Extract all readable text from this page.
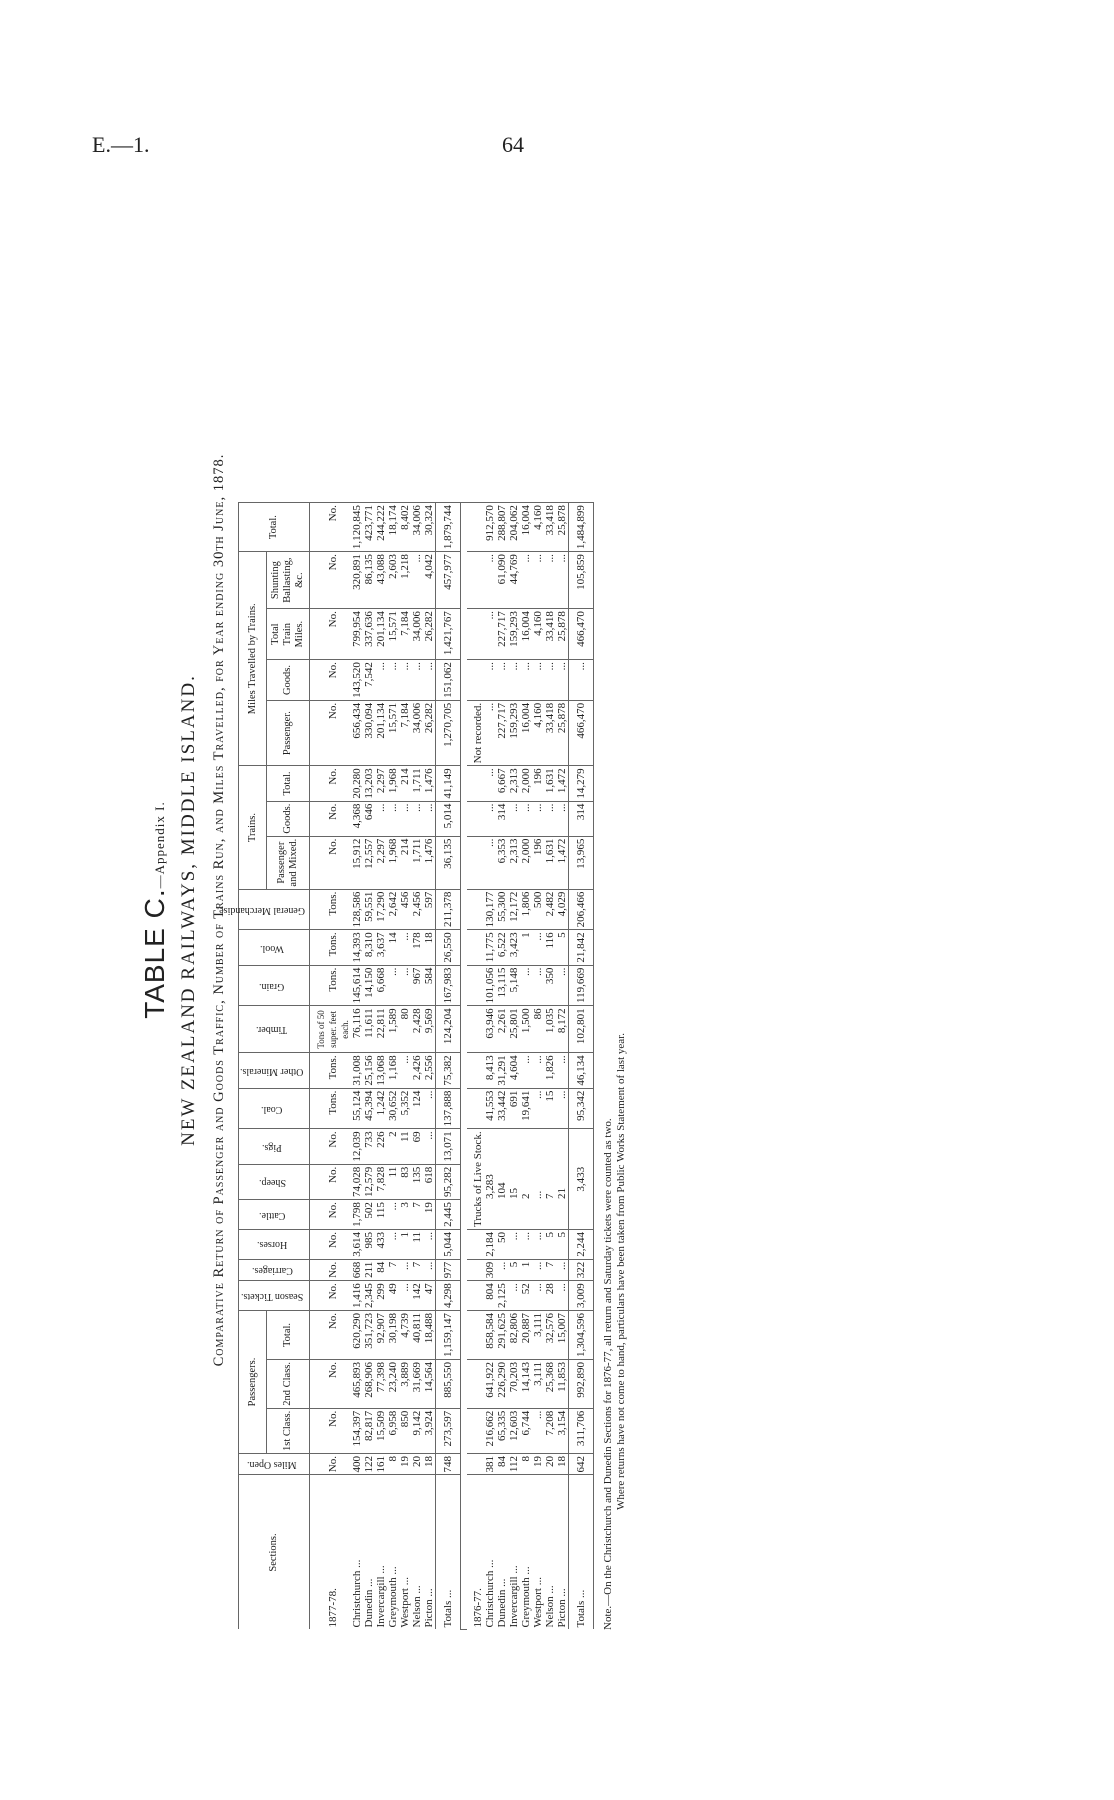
E.—1.	64
TABLE C.—Appendix I. NEW ZEALAND RAILWAYS, MIDDLE ISLAND. Comparative Return of Passenger and Goods Traffic, Number of Trains Run, and Miles Travelled, for Year ending 30th June, 1878.
Sections.	Miles Open.	Passengers.			Season Tickets.	Carriages.	Horses.	Cattle.	Sheep.	Pigs.	Coal.	Other Minerals.	Timber.	Grain.	Wool.	General Merchandise.	Trains.			Miles Travelled by Trains.				Total.
		1st Class.	2nd Class.	Total.													Passenger and Mixed.	Goods.	Total.	Passenger.	Goods.	Total Train Miles.	Shunting Ballasting, &c.	
1877-78.	No.	No.	No.	No.	No.	No.	No.	No.	No.	No.	Tons.	Tons.	Tons of 50 super. feet each.	Tons.	Tons.	Tons.	No.	No.	No.	No.	No.	No.	No.	No.
Christchurch ...	400	154,397	465,893	620,290	1,416	668	3,614	1,798	74,028	12,039	55,124	31,008	76,116	145,614	14,393	128,586	15,912	4,368	20,280	656,434	143,520	799,954	320,891	1,120,845
Dunedin ...	122	82,817	268,906	351,723	2,345	211	985	502	12,579	733	45,394	25,156	11,611	14,150	8,310	59,551	12,557	646	13,203	330,094	7,542	337,636	86,135	423,771
Invercargill ...	161	15,509	77,398	92,907	299	84	433	115	7,828	226	1,242	13,068	22,811	6,668	3,637	17,290	2,297	...	2,297	201,134	...	201,134	43,088	244,222
Greymouth ...	8	6,958	23,240	30,198	49	7	...	...	11	2	30,652	1,168	1,589	...	14	2,642	1,968	...	1,968	15,571	...	15,571	2,603	18,174
Westport ...	19	850	3,889	4,739	...	...	1	3	83	11	5,352	...	80	...	...	456	214	...	214	7,184	...	7,184	1,218	8,402
Nelson ...	20	9,142	31,669	40,811	142	7	11	7	135	69	124	2,426	2,428	967	178	2,456	1,711	...	1,711	34,006	...	34,006	...	34,006
Picton ...	18	3,924	14,564	18,488	47	...	...	19	618	...	...	2,556	9,569	584	18	597	1,476	...	1,476	26,282	...	26,282	4,042	30,324
Totals ...	748	273,597	885,550	1,159,147	4,298	977	5,044	2,445	95,282	13,071	137,888	75,382	124,204	167,983	26,550	211,378	36,135	5,014	41,149	1,270,705	151,062	1,421,767	457,977	1,879,744

1876-77.								Trucks of Live Stock.												Not recorded.				
Christchurch ...	381	216,662	641,922	858,584	804	309	2,184	3,283			41,553	8,413	63,946	101,056	11,775	130,177	...	...	...	...	...	...	...	912,570
Dunedin ...	84	65,335	226,290	291,625	2,125	...	50	104			33,442	31,291	2,261	13,115	6,522	55,300	6,353	314	6,667	227,717	...	227,717	61,090	288,807
Invercargill ...	112	12,603	70,203	82,806	...	5	...	15			691	4,604	25,801	5,148	3,423	12,172	2,313	...	2,313	159,293	...	159,293	44,769	204,062
Greymouth ...	8	6,744	14,143	20,887	52	1	...	2			19,641	...	1,500	...	1	1,806	2,000	...	2,000	16,004	...	16,004	...	16,004
Westport ...	19	...	3,111	3,111	...	...	...	...			...	...	86	...	...	500	196	...	196	4,160	...	4,160	...	4,160
Nelson ...	20	7,208	25,368	32,576	28	7	5	7			15	1,826	1,035	350	116	2,482	1,631	...	1,631	33,418	...	33,418	...	33,418
Picton ...	18	3,154	11,853	15,007	...	...	5	21			...	...	8,172	...	5	4,029	1,472	...	1,472	25,878	...	25,878	...	25,878
Totals ...	642	311,706	992,890	1,304,596	3,009	322	2,244	3,433			95,342	46,134	102,801	119,669	21,842	206,466	13,965	314	14,279	466,470	...	466,470	105,859	1,484,899
Note.—On the Christchurch and Dunedin Sections for 1876-77, all return and Saturday tickets were counted as two. Where returns have not come to hand, particulars have been taken from Public Works Statement of last year.
